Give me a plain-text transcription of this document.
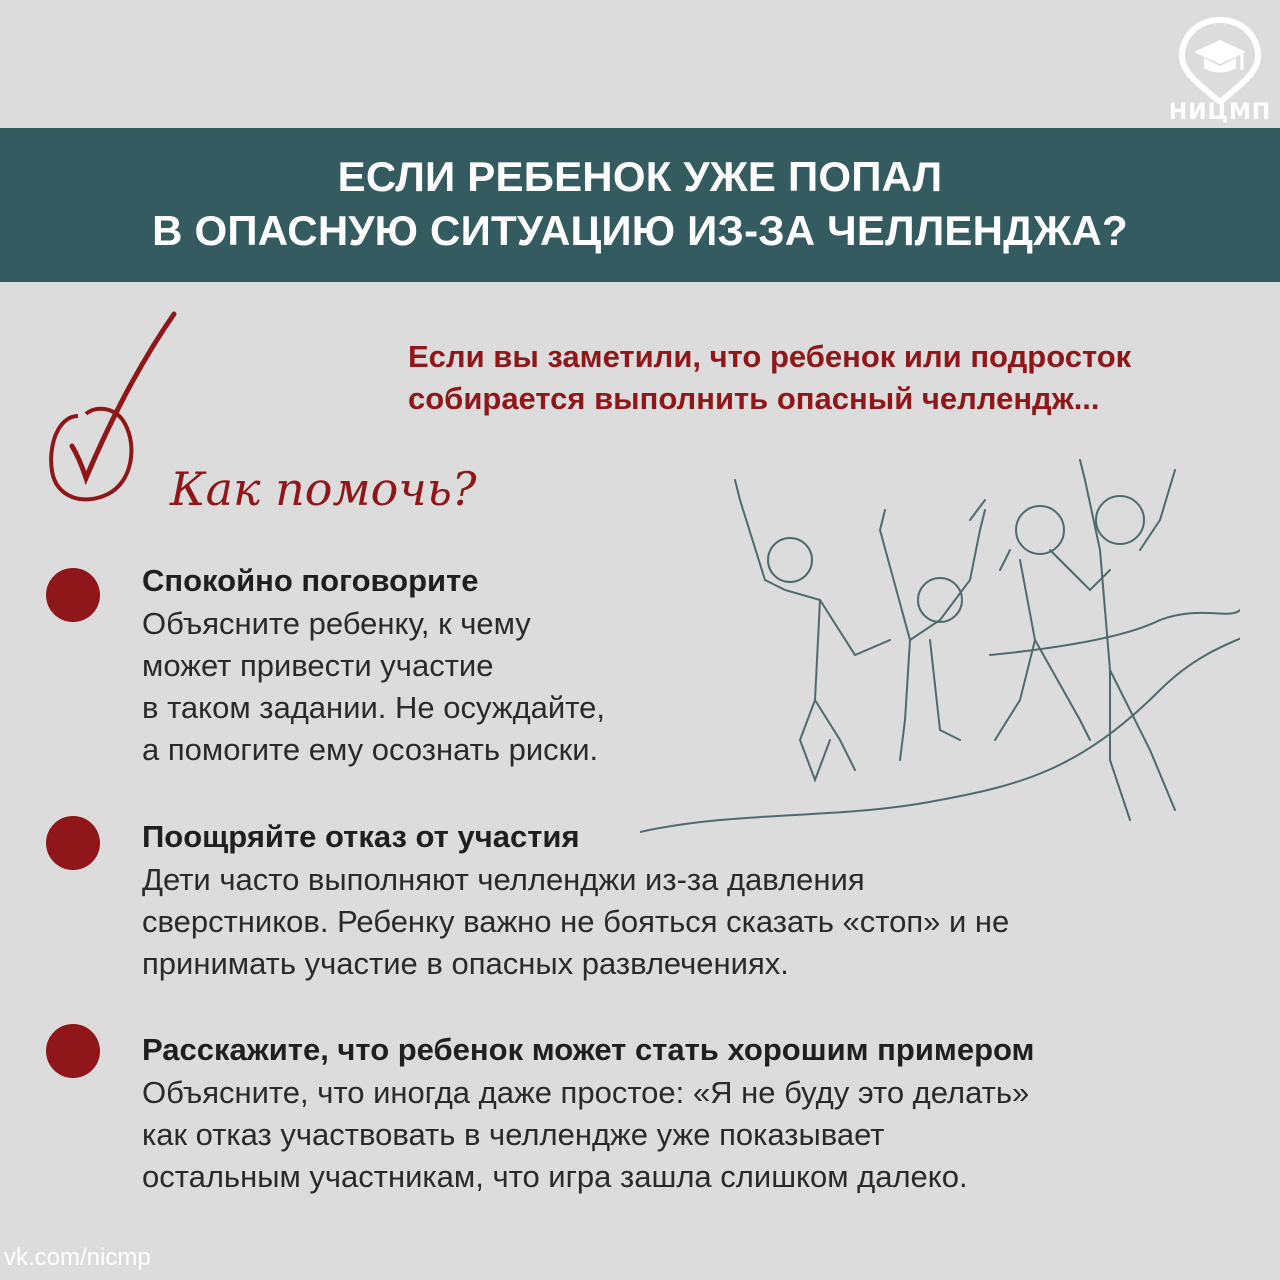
НИЦМП
ЕСЛИ РЕБЕНОК УЖЕ ПОПАЛ
В ОПАСНУЮ СИТУАЦИЮ ИЗ-ЗА ЧЕЛЛЕНДЖА?
Если вы заметили, что ребенок или подросток
собирается выполнить опасный челлендж...
Как помочь?
Спокойно поговорите
Объясните ребенку, к чему
может привести участие
в таком задании. Не осуждайте,
а помогите ему осознать риски.
Поощряйте отказ от участия
Дети часто выполняют челленджи из-за давления
сверстников. Ребенку важно не бояться сказать «стоп» и не
принимать участие в опасных развлечениях.
Расскажите, что ребенок может стать хорошим примером
Объясните, что иногда даже простое: «Я не буду это делать»
как отказ участвовать в челлендже уже показывает
остальным участникам, что игра зашла слишком далеко.
vk.com/nicmp
